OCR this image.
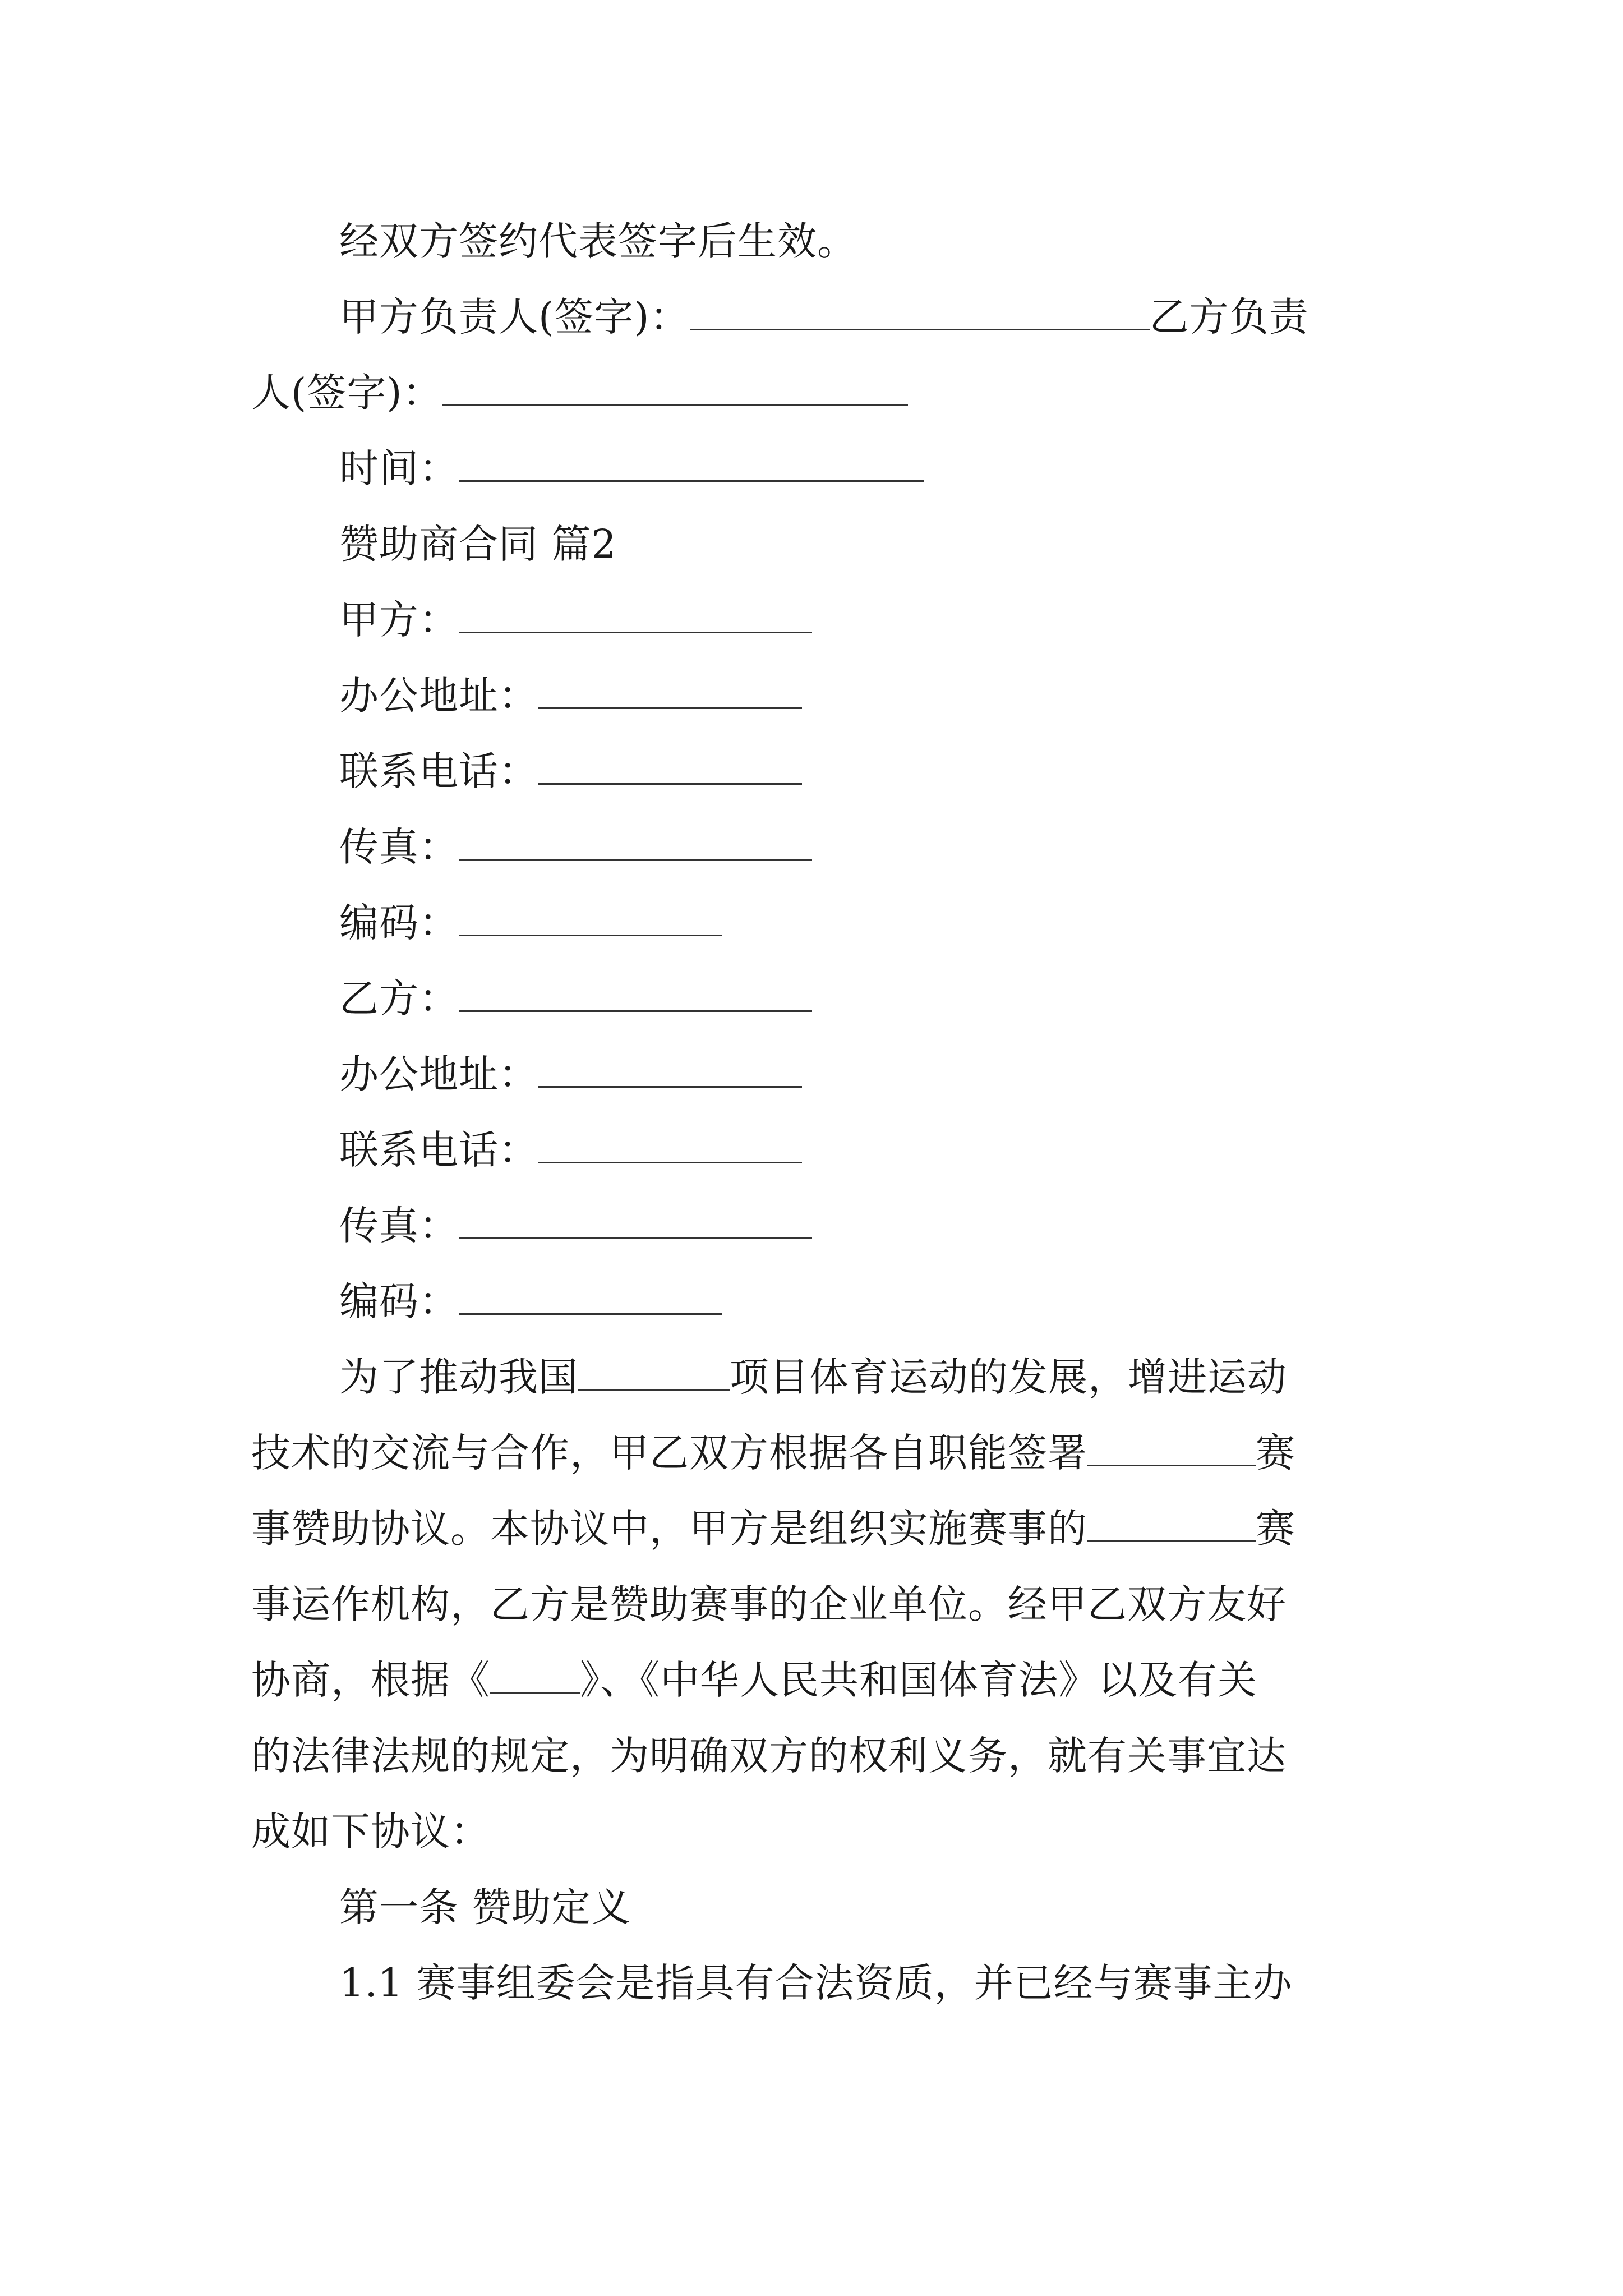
经双方签约代表签字后生效。
甲方负责人(签字)：	乙方负责
人(签字)：
时间：
赞助商合同 篇2
甲方：
办公地址：
联系电话：
传真：
编码：
乙方：
办公地址：
联系电话：
传真：
编码：
为了推动我国	项目体育运动的发展，增进运动
技术的交流与合作，甲乙双方根据各自职能签署	赛
事赞助协议。本协议中，甲方是组织实施赛事的	赛
事运作机构，乙方是赞助赛事的企业单位。经甲乙双方友好
协商，根据《 》、《中华人民共和国体育法》以及有关
的法律法规的规定，为明确双方的权利义务，就有关事宜达
成如下协议：
第一条 赞助定义
1.1 赛事组委会是指具有合法资质，并已经与赛事主办
